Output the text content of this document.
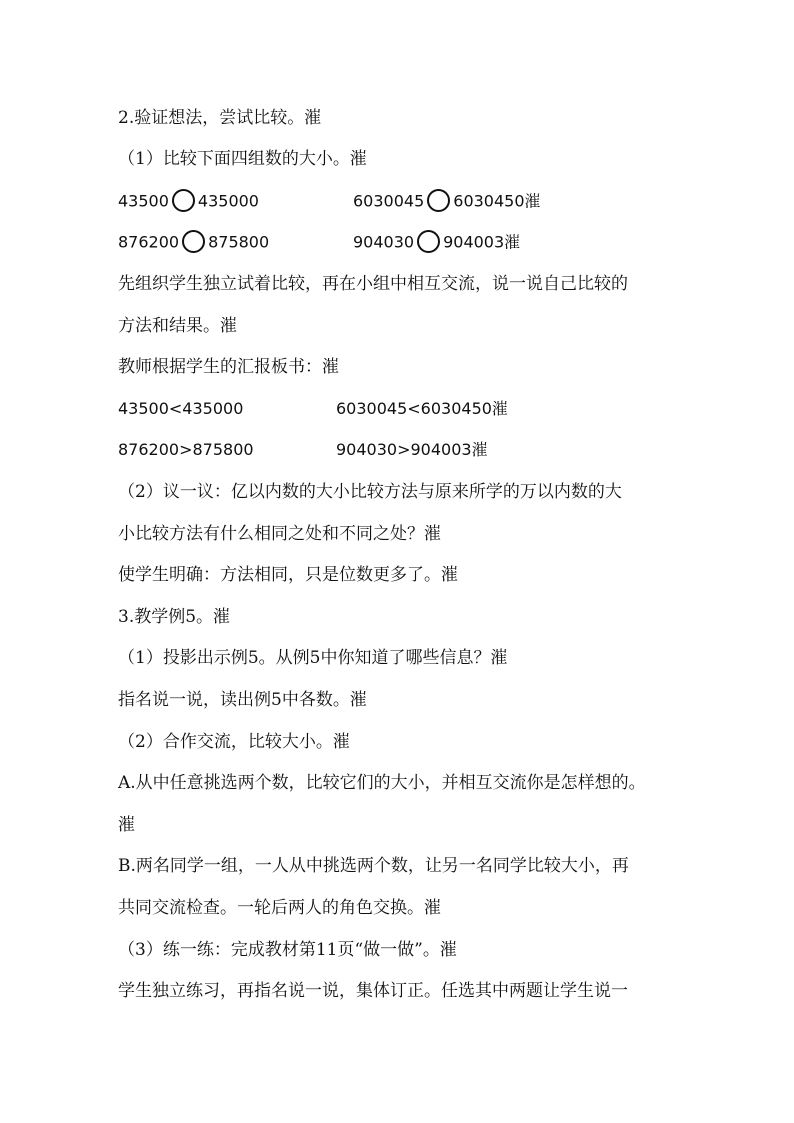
2.验证想法，尝试比较。漼
（1）比较下面四组数的大小。漼
43500 435000	6030045 6030450漼
876200 875800	904030 904003漼
先组织学生独立试着比较，再在小组中相互交流，说一说自己比较的
方法和结果。漼
教师根据学生的汇报板书：漼
43500<435000	6030045<6030450漼
876200>875800	904030>904003漼
（2）议一议：亿以内数的大小比较方法与原来所学的万以内数的大
小比较方法有什么相同之处和不同之处？漼
使学生明确：方法相同，只是位数更多了。漼
3.教学例5。漼
（1）投影出示例5。从例5中你知道了哪些信息？漼
指名说一说，读出例5中各数。漼
（2）合作交流，比较大小。漼
A.从中任意挑选两个数，比较它们的大小，并相互交流你是怎样想的。
漼
B.两名同学一组，一人从中挑选两个数，让另一名同学比较大小，再
共同交流检查。一轮后两人的角色交换。漼
（3）练一练：完成教材第11页“做一做”。漼
学生独立练习，再指名说一说，集体订正。任选其中两题让学生说一
